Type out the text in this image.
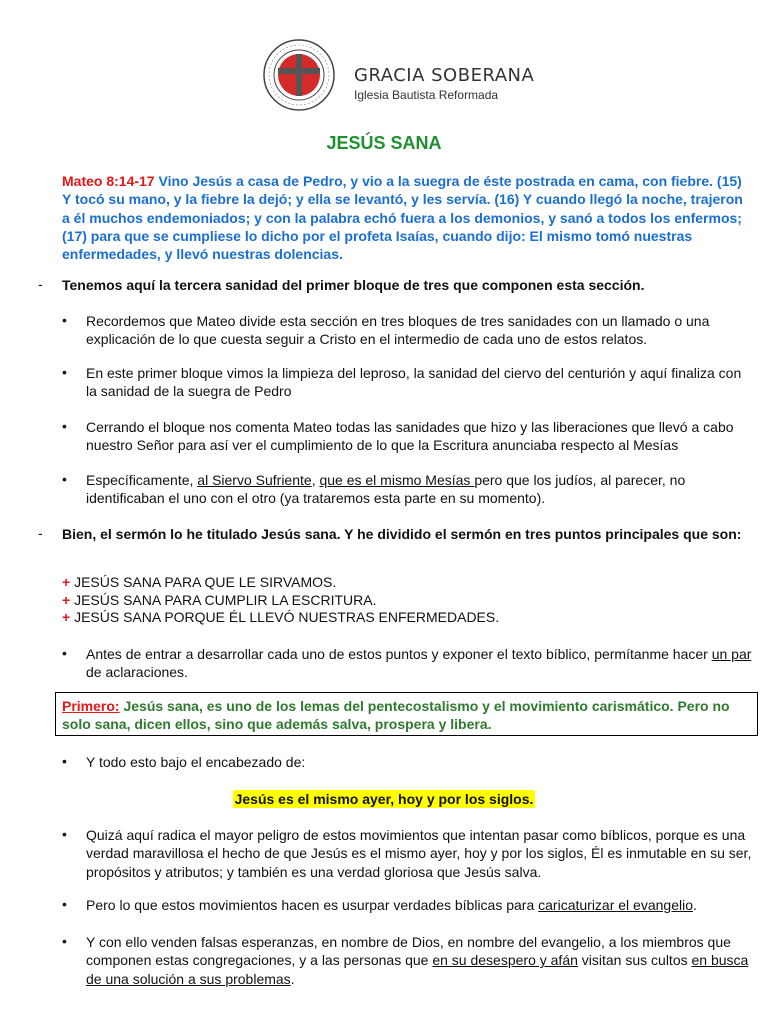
GRACIA SOBERANA
Iglesia Bautista Reformada
JESÚS SANA
Mateo 8:14-17 Vino Jesús a casa de Pedro, y vio a la suegra de éste postrada en cama, con fiebre. (15) Y tocó su mano, y la fiebre la dejó; y ella se levantó, y les servía. (16) Y cuando llegó la noche, trajeron a él muchos endemoniados; y con la palabra echó fuera a los demonios, y sanó a todos los enfermos; (17) para que se cumpliese lo dicho por el profeta Isaías, cuando dijo: El mismo tomó nuestras enfermedades, y llevó nuestras dolencias.
- Tenemos aquí la tercera sanidad del primer bloque de tres que componen esta sección.
• Recordemos que Mateo divide esta sección en tres bloques de tres sanidades con un llamado o una explicación de lo que cuesta seguir a Cristo en el intermedio de cada uno de estos relatos.
• En este primer bloque vimos la limpieza del leproso, la sanidad del ciervo del centurión y aquí finaliza con la sanidad de la suegra de Pedro
• Cerrando el bloque nos comenta Mateo todas las sanidades que hizo y las liberaciones que llevó a cabo nuestro Señor para así ver el cumplimiento de lo que la Escritura anunciaba respecto al Mesías
• Específicamente, al Siervo Sufriente, que es el mismo Mesías pero que los judíos, al parecer, no identificaban el uno con el otro (ya trataremos esta parte en su momento).
- Bien, el sermón lo he titulado Jesús sana. Y he dividido el sermón en tres puntos principales que son:
+ JESÚS SANA PARA QUE LE SIRVAMOS.
+ JESÚS SANA PARA CUMPLIR LA ESCRITURA.
+ JESÚS SANA PORQUE ÉL LLEVÓ NUESTRAS ENFERMEDADES.
• Antes de entrar a desarrollar cada uno de estos puntos y exponer el texto bíblico, permítanme hacer un par de aclaraciones.
Primero: Jesús sana, es uno de los lemas del pentecostalismo y el movimiento carismático. Pero no solo sana, dicen ellos, sino que además salva, prospera y libera.
• Y todo esto bajo el encabezado de:
Jesús es el mismo ayer, hoy y por los siglos.
• Quizá aquí radica el mayor peligro de estos movimientos que intentan pasar como bíblicos, porque es una verdad maravillosa el hecho de que Jesús es el mismo ayer, hoy y por los siglos, Él es inmutable en su ser, propósitos y atributos; y también es una verdad gloriosa que Jesús salva.
• Pero lo que estos movimientos hacen es usurpar verdades bíblicas para caricaturizar el evangelio.
• Y con ello venden falsas esperanzas, en nombre de Dios, en nombre del evangelio, a los miembros que componen estas congregaciones, y a las personas que en su desespero y afán visitan sus cultos en busca de una solución a sus problemas.
